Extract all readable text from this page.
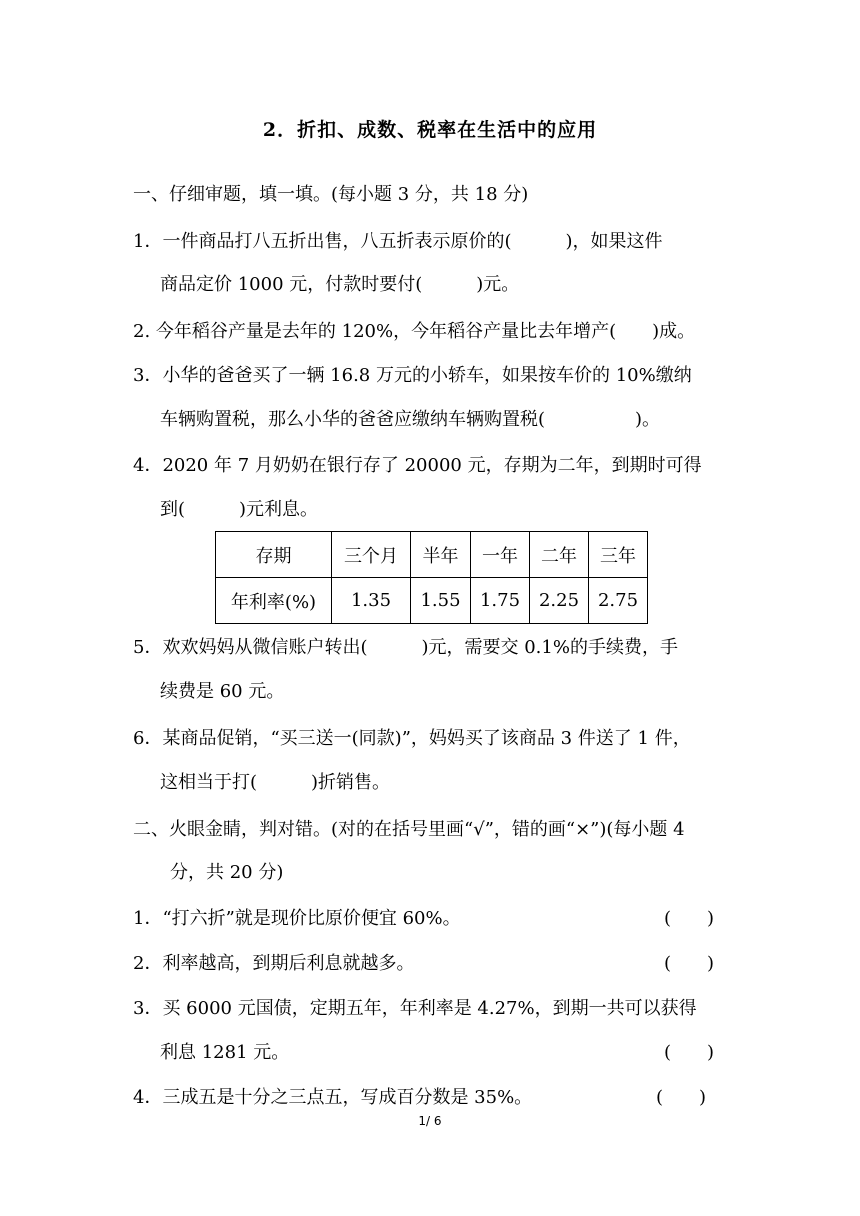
2．折扣、成数、税率在生活中的应用
一、仔细审题，填一填。(每小题 3 分，共 18 分)
1．一件商品打八五折出售，八五折表示原价的(　　　)，如果这件
商品定价 1000 元，付款时要付(　　　)元。
2. 今年稻谷产量是去年的 120%，今年稻谷产量比去年增产(　　)成。
3．小华的爸爸买了一辆 16.8 万元的小轿车，如果按车价的 10%缴纳
车辆购置税，那么小华的爸爸应缴纳车辆购置税(　　　　　)。
4．2020 年 7 月奶奶在银行存了 20000 元，存期为二年，到期时可得
到(　　　)元利息。
存期	三个月	半年	一年	二年	三年
年利率(%)	1.35	1.55	1.75	2.25	2.75
5．欢欢妈妈从微信账户转出(　　　)元，需要交 0.1%的手续费，手
续费是 60 元。
6．某商品促销，“买三送一(同款)”，妈妈买了该商品 3 件送了 1 件，
这相当于打(　　　)折销售。
二、火眼金睛，判对错。(对的在括号里画“√”，错的画“×”)(每小题 4
分，共 20 分)
1．“打六折”就是现价比原价便宜 60%。	(　　)
2．利率越高，到期后利息就越多。	(　　)
3．买 6000 元国债，定期五年，年利率是 4.27%，到期一共可以获得
利息 1281 元。	(　　)
4．三成五是十分之三点五，写成百分数是 35%。	(　　)
1/ 6
